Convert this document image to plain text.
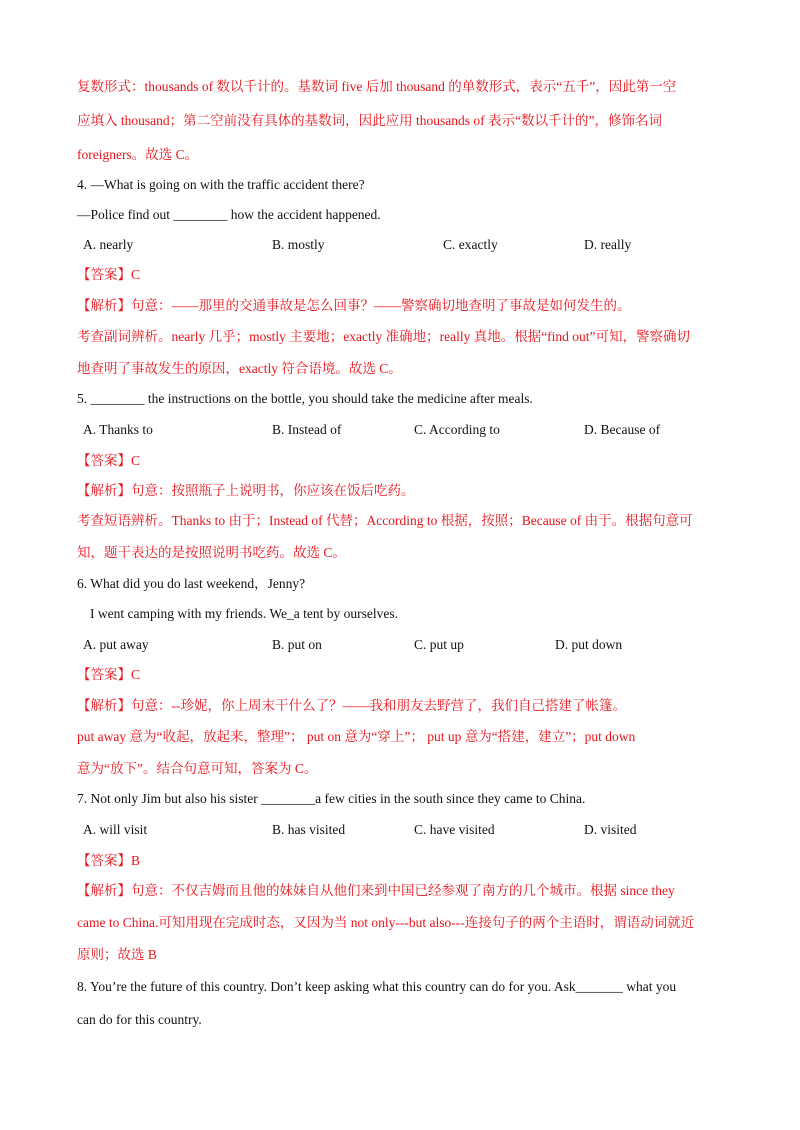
复数形式：thousands of 数以千计的。基数词 five 后加 thousand 的单数形式，表示“五千”，因此第一空
应填入 thousand；第二空前没有具体的基数词，因此应用 thousands of 表示“数以千计的”，修饰名词
foreigners。故选 C。
4. —What is going on with the traffic accident there?
—Police find out ________ how the accident happened.
A. nearly	B. mostly	C. exactly	D. really
【答案】C
【解析】句意：——那里的交通事故是怎么回事？——警察确切地查明了事故是如何发生的。
考查副词辨析。nearly 几乎；mostly 主要地；exactly 准确地；really 真地。根据“find out”可知，警察确切
地查明了事故发生的原因，exactly 符合语境。故选 C。
5. ________ the instructions on the bottle, you should take the medicine after meals.
A. Thanks to	B. Instead of	C. According to	D. Because of
【答案】C
【解析】句意：按照瓶子上说明书，你应该在饭后吃药。
考查短语辨析。Thanks to 由于；Instead of 代替；According to 根据，按照；Because of 由于。根据句意可
知，题干表达的是按照说明书吃药。故选 C。
6. What did you do last weekend，Jenny?
I went camping with my friends. We_a tent by ourselves.
A. put away	B. put on	C. put up	D. put down
【答案】C
【解析】句意：--珍妮，你上周末干什么了？——我和朋友去野营了，我们自己搭建了帐篷。
put away 意为“收起，放起来，整理”； put on 意为“穿上”； put up 意为“搭建，建立”；put down
意为“放下”。结合句意可知，答案为 C。
7. Not only Jim but also his sister ________a few cities in the south since they came to China.
A. will visit	B. has visited	C. have visited	D. visited
【答案】B
【解析】句意：不仅吉姆而且他的妹妹自从他们来到中国已经参观了南方的几个城市。根据 since they
came to China.可知用现在完成时态，又因为当 not only---but also---连接句子的两个主语时，谓语动词就近
原则；故选 B
8. You’re the future of this country. Don’t keep asking what this country can do for you. Ask_______ what you
can do for this country.
